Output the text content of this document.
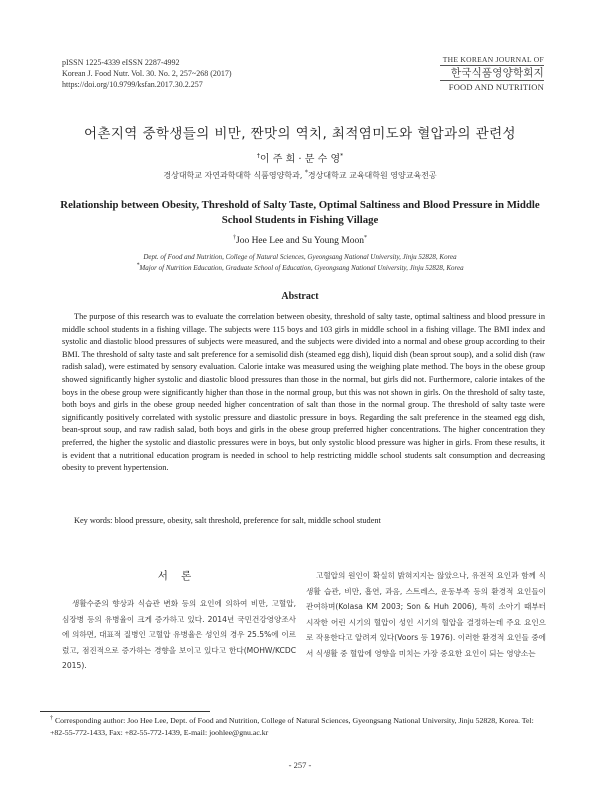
pISSN 1225-4339 eISSN 2287-4992
Korean J. Food Nutr. Vol. 30. No. 2, 257~268 (2017)
https://doi.org/10.9799/ksfan.2017.30.2.257
THE KOREAN JOURNAL OF
한국식품영양학회지
FOOD AND NUTRITION
어촌지역 중학생들의 비만, 짠맛의 역치, 최적염미도와 혈압과의 관련성
†이 주 희 · 문 수 영*
경상대학교 자연과학대학 식품영양학과, *경상대학교 교육대학원 영양교육전공
Relationship between Obesity, Threshold of Salty Taste, Optimal Saltiness and Blood Pressure in Middle School Students in Fishing Village
†Joo Hee Lee and Su Young Moon*
Dept. of Food and Nutrition, College of Natural Sciences, Gyeongsang National University, Jinju 52828, Korea
*Major of Nutrition Education, Graduate School of Education, Gyeongsang National University, Jinju 52828, Korea
Abstract

The purpose of this research was to evaluate the correlation between obesity, threshold of salty taste, optimal saltiness and blood pressure in middle school students in a fishing village. The subjects were 115 boys and 103 girls in middle school in a fishing village. The BMI index and systolic and diastolic blood pressures of subjects were measured, and the subjects were divided into a normal and obese group according to their BMI. The threshold of salty taste and salt preference for a semisolid dish (steamed egg dish), liquid dish (bean sprout soup), and a solid dish (raw radish salad), were estimated by sensory evaluation. Calorie intake was measured using the weighing plate method. The boys in the obese group showed significantly higher systolic and diastolic blood pressures than those in the normal, but girls did not. Furthermore, calorie intakes of the boys in the obese group were significantly higher than those in the normal group, but this was not shown in girls. On the threshold of salty taste, both boys and girls in the obese group needed higher concentration of salt than those in the normal group. The threshold of salty taste were significantly positively correlated with systolic pressure and diastolic pressure in boys. Regarding the salt preference in the steamed egg dish, bean-sprout soup, and raw radish salad, both boys and girls in the obese group preferred higher concentrations. The higher concentration they preferred, the higher the systolic and diastolic pressures were in boys, but only systolic blood pressure was higher in girls. From these results, it is evident that a nutritional education program is needed in school to help restricting middle school students salt consumption and decreasing obesity to prevent hypertension.

Key words: blood pressure, obesity, salt threshold, preference for salt, middle school student
서 론

생활수준의 향상과 식습관 변화 등의 요인에 의하여 비만, 고혈압, 심장병 등의 유병율이 크게 증가하고 있다. 2014년 국민건강영양조사에 의하면, 대표적 질병인 고혈압 유병율은 성인의 경우 25.5%에 이르렀고, 점진적으로 증가하는 경향을 보이고 있다고 한다(MOHW/KCDC 2015).

고혈압의 원인이 확실히 밝혀지지는 않았으나, 유전적 요인과 함께 식생활 습관, 비만, 흡연, 과음, 스트레스, 운동부족 등의 환경적 요인들이 관여하며(Kolasa KM 2003; Son & Huh 2006), 특히 소아기 때부터 시작한 어린 시기의 혈압이 성인 시기의 혈압을 결정하는데 주요 요인으로 작용한다고 알려져 있다(Voors 등 1976). 이러한 환경적 요인들 중에서 식생활 중 혈압에 영향을 미치는 가장 중요한 요인이 되는 영양소는

† Corresponding author: Joo Hee Lee, Dept. of Food and Nutrition, College of Natural Sciences, Gyeongsang National University, Jinju 52828, Korea. Tel: +82-55-772-1433, Fax: +82-55-772-1439, E-mail: joohlee@gnu.ac.kr
- 257 -
